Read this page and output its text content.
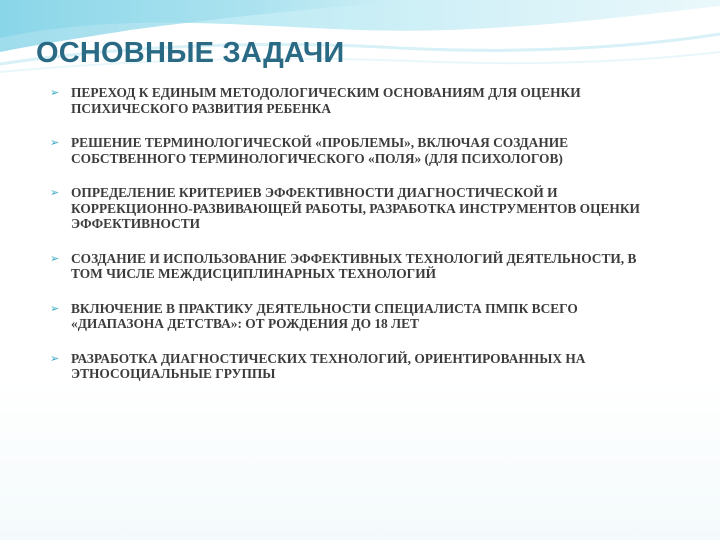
ОСНОВНЫЕ ЗАДАЧИ
➢ ПЕРЕХОД К ЕДИНЫМ МЕТОДОЛОГИЧЕСКИМ ОСНОВАНИЯМ ДЛЯ ОЦЕНКИ ПСИХИЧЕСКОГО РАЗВИТИЯ РЕБЕНКА
➢ РЕШЕНИЕ ТЕРМИНОЛОГИЧЕСКОЙ «ПРОБЛЕМЫ», ВКЛЮЧАЯ СОЗДАНИЕ СОБСТВЕННОГО ТЕРМИНОЛОГИЧЕСКОГО «ПОЛЯ» (ДЛЯ ПСИХОЛОГОВ)
➢ ОПРЕДЕЛЕНИЕ КРИТЕРИЕВ ЭФФЕКТИВНОСТИ ДИАГНОСТИЧЕСКОЙ И КОРРЕКЦИОННО-РАЗВИВАЮЩЕЙ РАБОТЫ, РАЗРАБОТКА ИНСТРУМЕНТОВ ОЦЕНКИ ЭФФЕКТИВНОСТИ
➢ СОЗДАНИЕ И ИСПОЛЬЗОВАНИЕ ЭФФЕКТИВНЫХ ТЕХНОЛОГИЙ ДЕЯТЕЛЬНОСТИ, В ТОМ ЧИСЛЕ МЕЖДИСЦИПЛИНАРНЫХ ТЕХНОЛОГИЙ
➢ ВКЛЮЧЕНИЕ В ПРАКТИКУ ДЕЯТЕЛЬНОСТИ СПЕЦИАЛИСТА ПМПК ВСЕГО «ДИАПАЗОНА ДЕТСТВА»: ОТ РОЖДЕНИЯ ДО 18 ЛЕТ
➢ РАЗРАБОТКА ДИАГНОСТИЧЕСКИХ ТЕХНОЛОГИЙ, ОРИЕНТИРОВАННЫХ НА ЭТНОСОЦИАЛЬНЫЕ ГРУППЫ
